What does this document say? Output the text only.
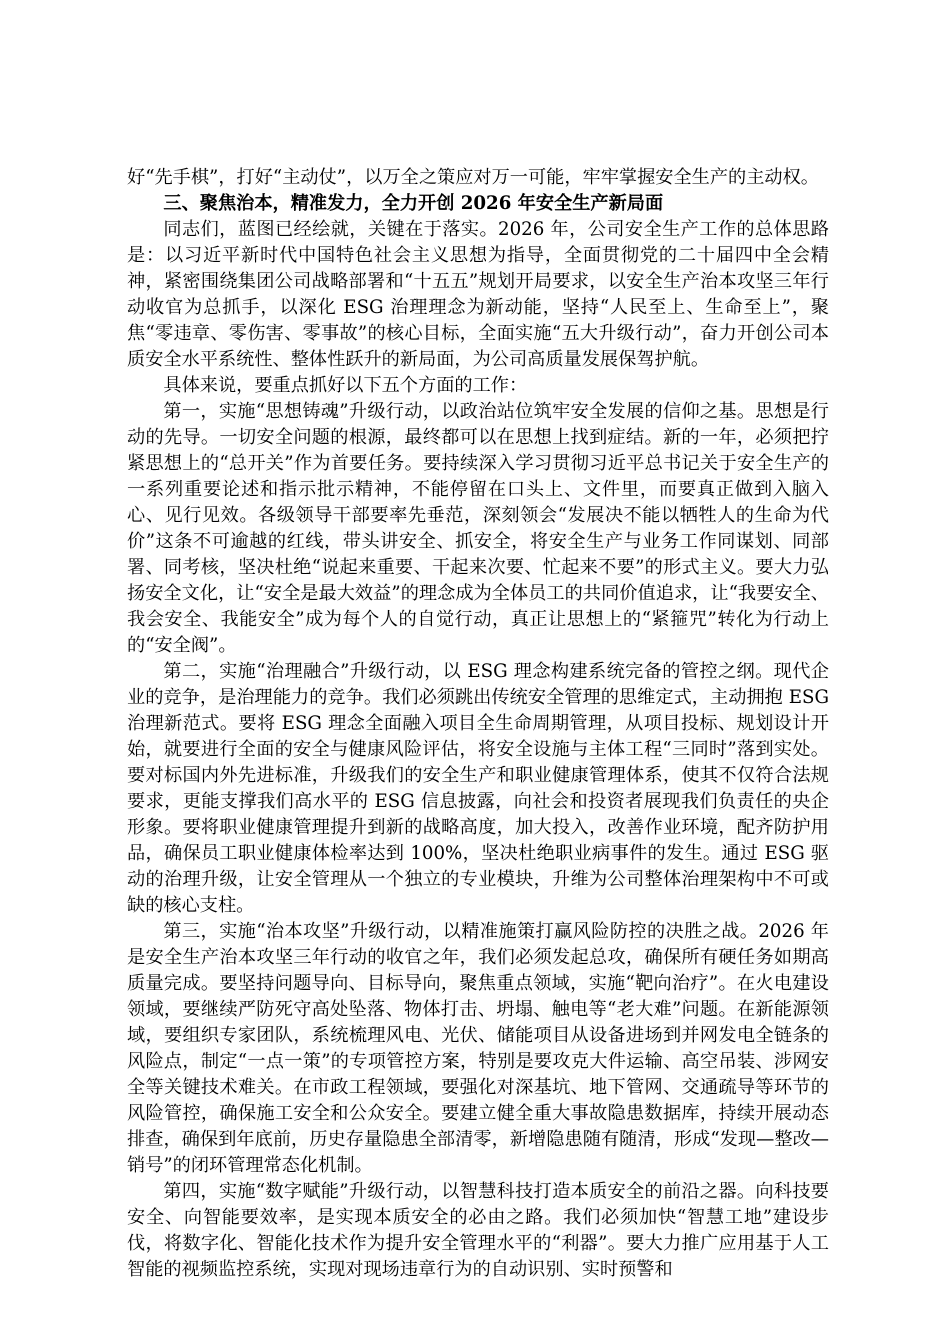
好“先手棋”，打好“主动仗”，以万全之策应对万一可能，牢牢掌握安全生产的主动权。

三、聚焦治本，精准发力，全力开创 2026 年安全生产新局面

同志们，蓝图已经绘就，关键在于落实。2026 年，公司安全生产工作的总体思路是：以习近平新时代中国特色社会主义思想为指导，全面贯彻党的二十届四中全会精神，紧密围绕集团公司战略部署和“十五五”规划开局要求，以安全生产治本攻坚三年行动收官为总抓手，以深化 ESG 治理理念为新动能，坚持“人民至上、生命至上”，聚焦“零违章、零伤害、零事故”的核心目标，全面实施“五大升级行动”，奋力开创公司本质安全水平系统性、整体性跃升的新局面，为公司高质量发展保驾护航。

具体来说，要重点抓好以下五个方面的工作：

第一，实施“思想铸魂”升级行动，以政治站位筑牢安全发展的信仰之基。思想是行动的先导。一切安全问题的根源，最终都可以在思想上找到症结。新的一年，必须把拧紧思想上的“总开关”作为首要任务。要持续深入学习贯彻习近平总书记关于安全生产的一系列重要论述和指示批示精神，不能停留在口头上、文件里，而要真正做到入脑入心、见行见效。各级领导干部要率先垂范，深刻领会“发展决不能以牺牲人的生命为代价”这条不可逾越的红线，带头讲安全、抓安全，将安全生产与业务工作同谋划、同部署、同考核，坚决杜绝“说起来重要、干起来次要、忙起来不要”的形式主义。要大力弘扬安全文化，让“安全是最大效益”的理念成为全体员工的共同价值追求，让“我要安全、我会安全、我能安全”成为每个人的自觉行动，真正让思想上的“紧箍咒”转化为行动上的“安全阀”。

第二，实施“治理融合”升级行动，以 ESG 理念构建系统完备的管控之纲。现代企业的竞争，是治理能力的竞争。我们必须跳出传统安全管理的思维定式，主动拥抱 ESG 治理新范式。要将 ESG 理念全面融入项目全生命周期管理，从项目投标、规划设计开始，就要进行全面的安全与健康风险评估，将安全设施与主体工程“三同时”落到实处。要对标国内外先进标准，升级我们的安全生产和职业健康管理体系，使其不仅符合法规要求，更能支撑我们高水平的 ESG 信息披露，向社会和投资者展现我们负责任的央企形象。要将职业健康管理提升到新的战略高度，加大投入，改善作业环境，配齐防护用品，确保员工职业健康体检率达到 100%，坚决杜绝职业病事件的发生。通过 ESG 驱动的治理升级，让安全管理从一个独立的专业模块，升维为公司整体治理架构中不可或缺的核心支柱。

第三，实施“治本攻坚”升级行动，以精准施策打赢风险防控的决胜之战。2026 年是安全生产治本攻坚三年行动的收官之年，我们必须发起总攻，确保所有硬任务如期高质量完成。要坚持问题导向、目标导向，聚焦重点领域，实施“靶向治疗”。在火电建设领域，要继续严防死守高处坠落、物体打击、坍塌、触电等“老大难”问题。在新能源领域，要组织专家团队，系统梳理风电、光伏、储能项目从设备进场到并网发电全链条的风险点，制定“一点一策”的专项管控方案，特别是要攻克大件运输、高空吊装、涉网安全等关键技术难关。在市政工程领域，要强化对深基坑、地下管网、交通疏导等环节的风险管控，确保施工安全和公众安全。要建立健全重大事故隐患数据库，持续开展动态排查，确保到年底前，历史存量隐患全部清零，新增隐患随有随清，形成“发现—整改—销号”的闭环管理常态化机制。

第四，实施“数字赋能”升级行动，以智慧科技打造本质安全的前沿之器。向科技要安全、向智能要效率，是实现本质安全的必由之路。我们必须加快“智慧工地”建设步伐，将数字化、智能化技术作为提升安全管理水平的“利器”。要大力推广应用基于人工智能的视频监控系统，实现对现场违章行为的自动识别、实时预警和
